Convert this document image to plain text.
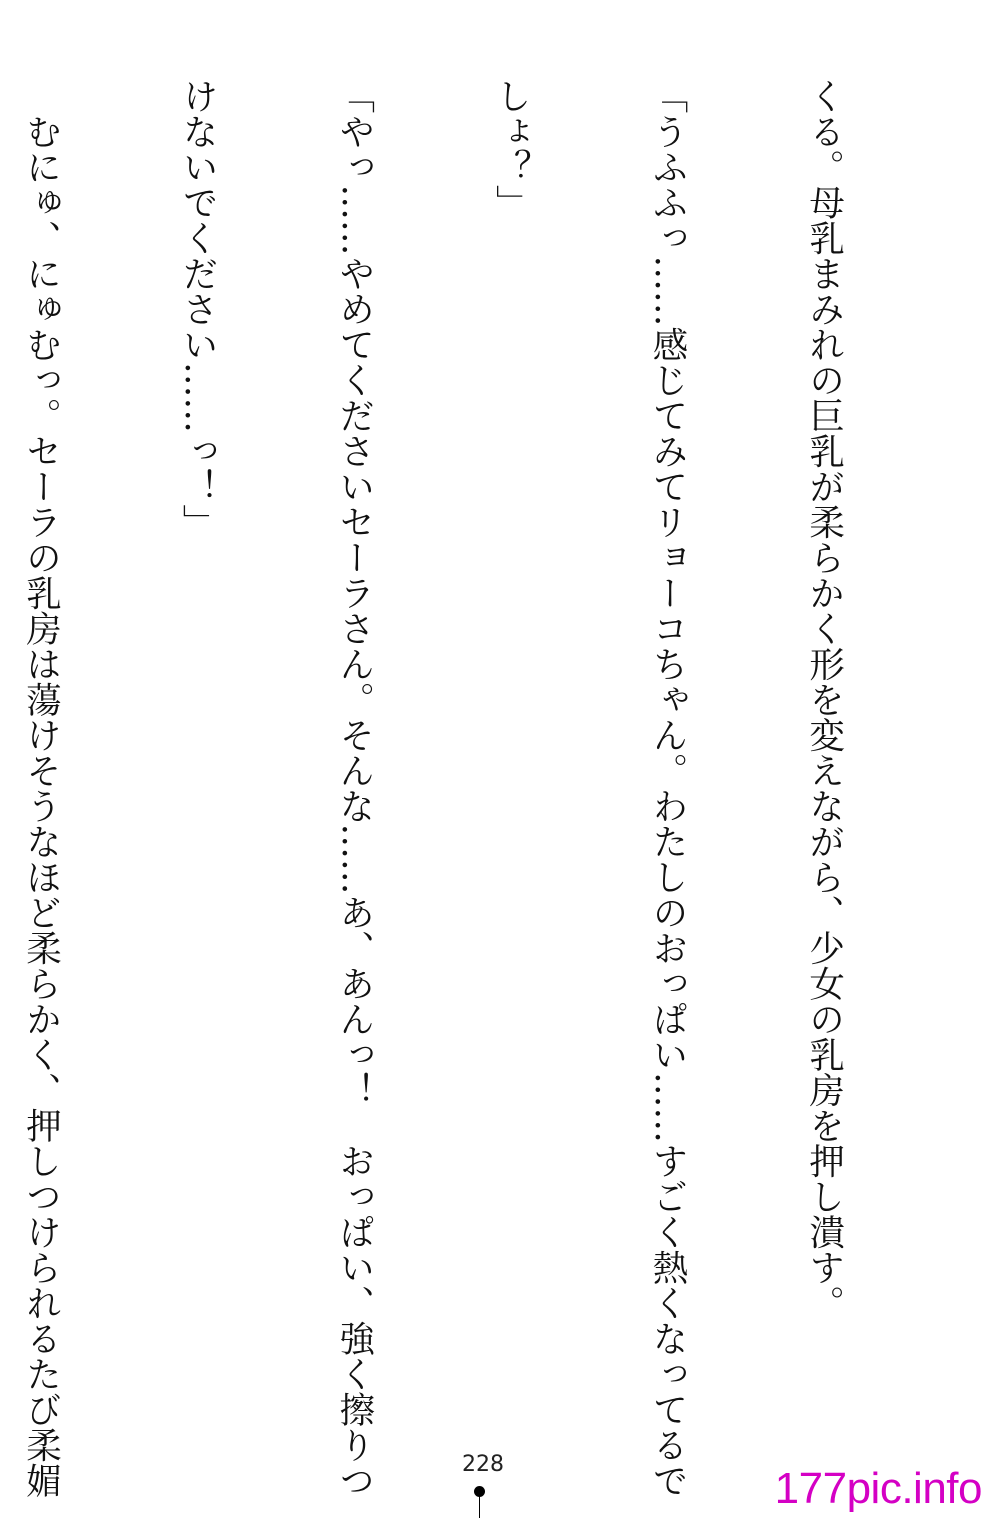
くる。母乳まみれの巨乳が柔らかく形を変えながら、少女の乳房を押し潰す。

「うふふっ……感じてみてリョーコちゃん。わたしのおっぱい……すごく熱くなってるで

しょ？」

「やっ……やめてくださいセーラさん。そんな……あ、あんっ！　おっぱい、強く擦りつ

けないでください……っ！」

　むにゅ、にゅむっ。セーラの乳房は蕩けそうなほど柔らかく、押しつけられるたび柔媚

	228	177pic.info
